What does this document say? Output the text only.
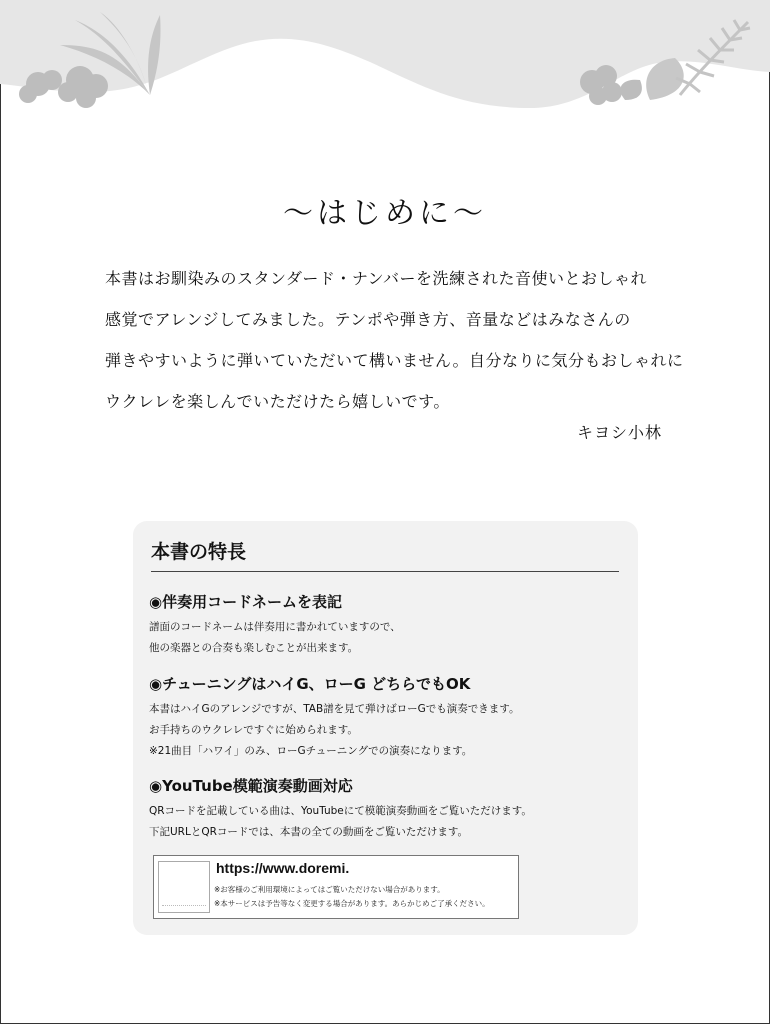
～はじめに～

本書はお馴染みのスタンダード・ナンバーを洗練された音使いとおしゃれ

感覚でアレンジしてみました。テンポや弾き方、音量などはみなさんの

弾きやすいように弾いていただいて構いません。自分なりに気分もおしゃれに

ウクレレを楽しんでいただけたら嬉しいです。

キヨシ小林
本書の特長

◉伴奏用コードネームを表記

譜面のコードネームは伴奏用に書かれていますので、

他の楽器との合奏も楽しむことが出来ます。

◉チューニングはハイG、ローG どちらでもOK

本書はハイGのアレンジですが、TAB譜を見て弾けばローGでも演奏できます。

お手持ちのウクレレですぐに始められます。

※21曲目「ハワイ」のみ、ローGチューニングでの演奏になります。

◉YouTube模範演奏動画対応

QRコードを記載している曲は、YouTubeにて模範演奏動画をご覧いただけます。

下記URLとQRコードでは、本書の全ての動画をご覧いただけます。

https://www.doremi.
※お客様のご利用環境によってはご覧いただけない場合があります。
※本サービスは予告等なく変更する場合があります。あらかじめご了承ください。
